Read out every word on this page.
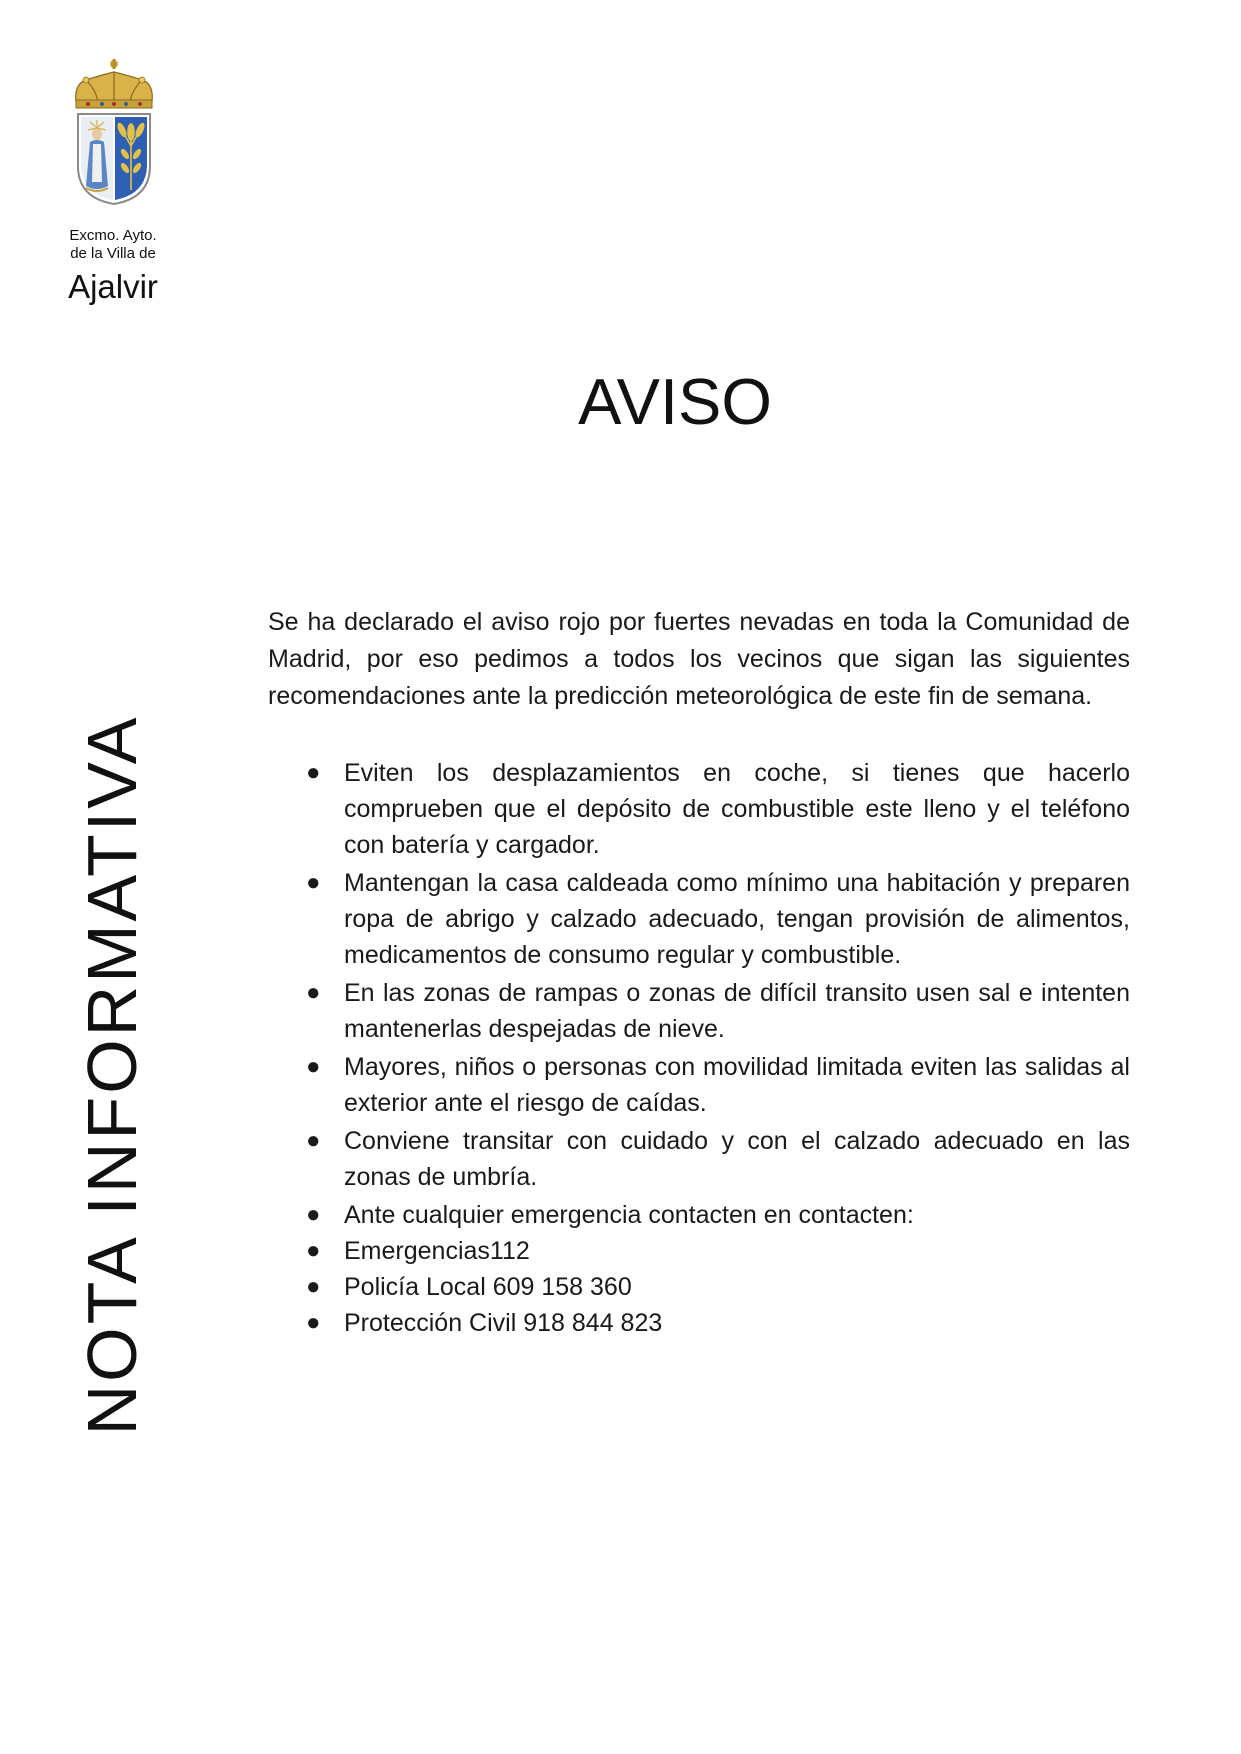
Excmo. Ayto.
de la Villa de
Ajalvir
NOTA INFORMATIVA
AVISO
Se ha declarado el aviso rojo por fuertes nevadas en toda la Comunidad de Madrid, por eso pedimos a todos los vecinos que sigan las siguientes recomendaciones ante la predicción meteorológica de este fin de semana.
● Eviten los desplazamientos en coche, si tienes que hacerlo comprueben que el depósito de combustible este lleno y el teléfono con batería y cargador.
● Mantengan la casa caldeada como mínimo una habitación y preparen ropa de abrigo y calzado adecuado, tengan provisión de alimentos, medicamentos de consumo regular y combustible.
● En las zonas de rampas o zonas de difícil transito usen sal e intenten mantenerlas despejadas de nieve.
● Mayores, niños o personas con movilidad limitada eviten las salidas al exterior ante el riesgo de caídas.
● Conviene transitar con cuidado y con el calzado adecuado en las zonas de umbría.
● Ante cualquier emergencia contacten en contacten:
● Emergencias112
● Policía Local 609 158 360
● Protección Civil 918 844 823
